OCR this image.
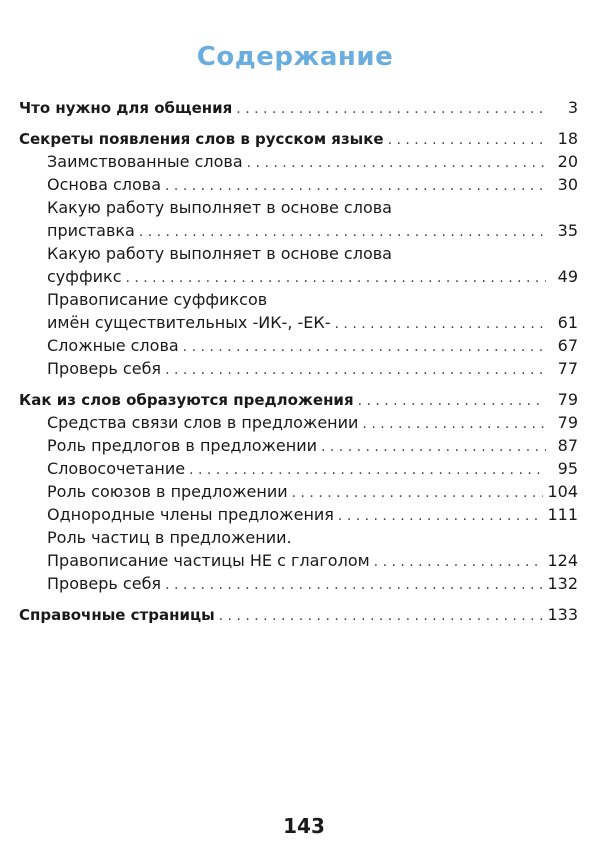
Содержание
Что нужно для общения . . .	3
Секреты появления слов в русском языке . . .	18
Заимствованные слова . . .	20
Основа слова . . .	30
Какую работу выполняет в основе слова
приставка . . .	35
Какую работу выполняет в основе слова
суффикс . . .	49
Правописание суффиксов
имён существительных -ИК-, -ЕК- . . .	61
Сложные слова . . .	67
Проверь себя . . .	77
Как из слов образуются предложения . . .	79
Средства связи слов в предложении . . .	79
Роль предлогов в предложении . . .	87
Словосочетание . . .	95
Роль союзов в предложении . . .	104
Однородные члены предложения . . .	111
Роль частиц в предложении.
Правописание частицы НЕ с глаголом . . .	124
Проверь себя . . .	132
Справочные страницы . . .	133
143
